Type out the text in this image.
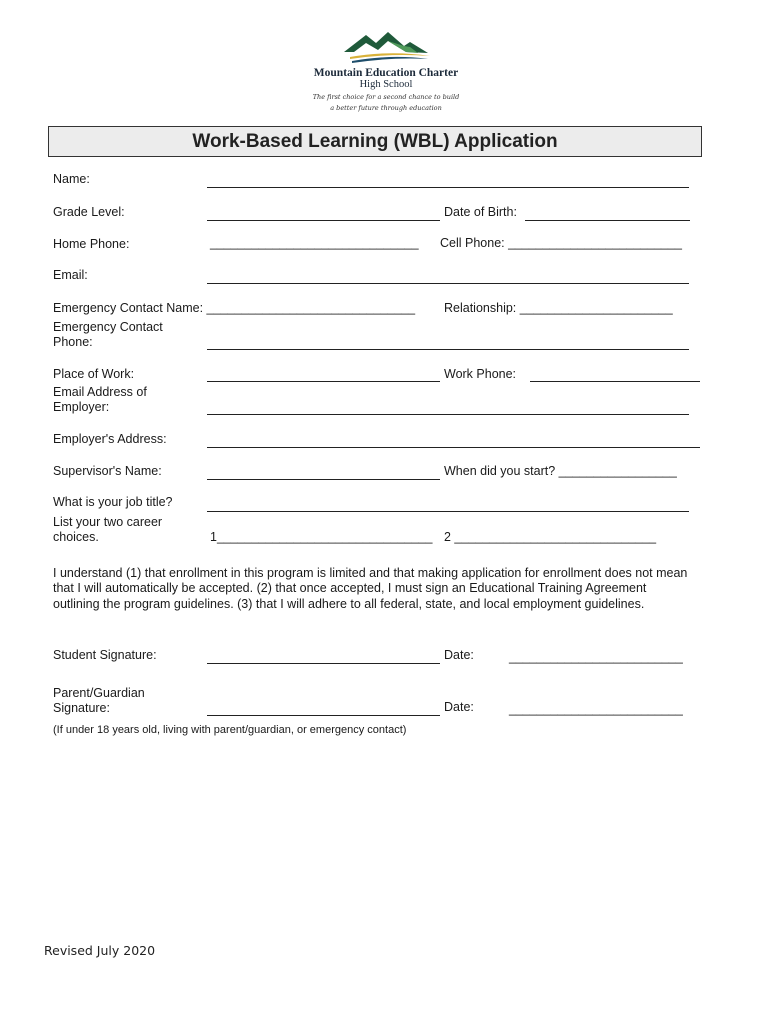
Mountain Education Charter
High School
The first choice for a second chance to build
a better future through education
Work-Based Learning (WBL) Application
Name:
Grade Level:	Date of Birth:
Home Phone:	______________________________ Cell Phone: _________________________
Email:
Emergency Contact Name: ______________________________ Relationship: ______________________
Emergency Contact
Phone:
Place of Work:	Work Phone:
Email Address of
Employer:
Employer's Address:
Supervisor's Name:	When did you start? _________________
What is your job title?
List your two career
choices.	1_______________________________ 2 _____________________________
I understand (1) that enrollment in this program is limited and that making application for enrollment does not mean
that I will automatically be accepted. (2) that once accepted, I must sign an Educational Training Agreement
outlining the program guidelines. (3) that I will adhere to all federal, state, and local employment guidelines.
Student Signature:	Date:	_________________________
Parent/Guardian
Signature:	Date:	_________________________
(If under 18 years old, living with parent/guardian, or emergency contact)
Revised July 2020
